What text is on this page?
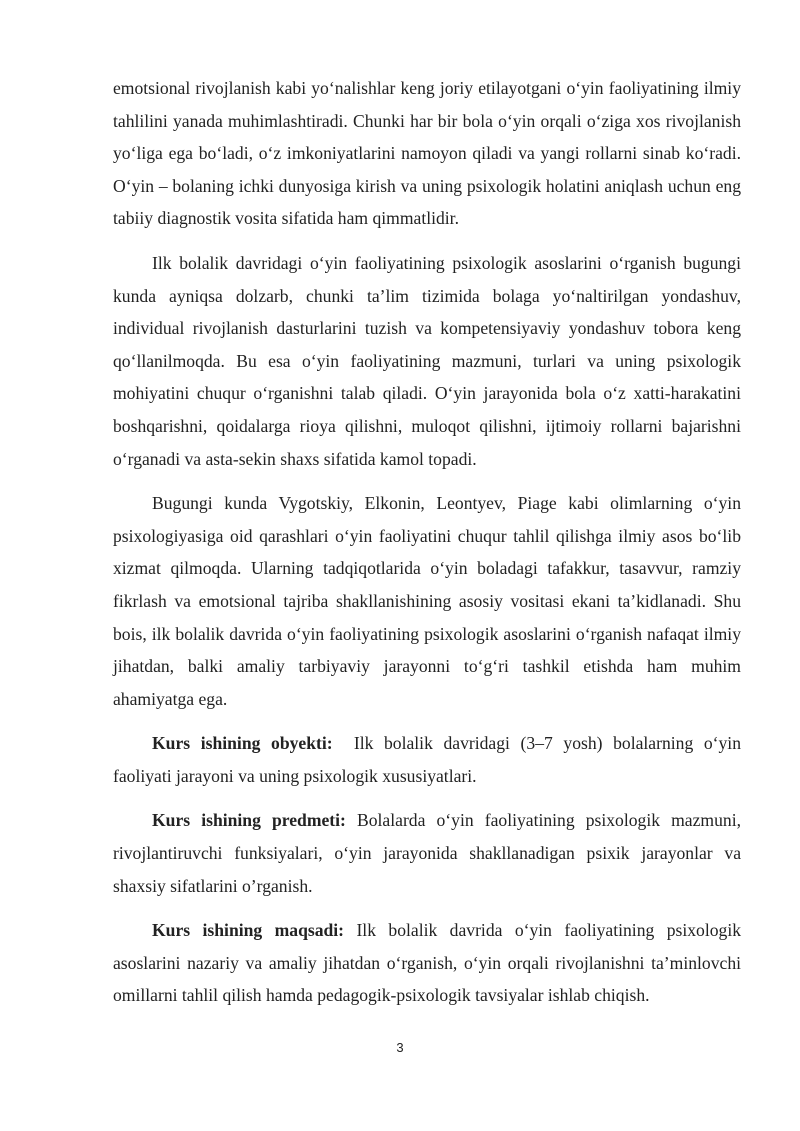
emotsional rivojlanish kabi yo‘nalishlar keng joriy etilayotgani o‘yin faoliyatining ilmiy tahlilini yanada muhimlashtiradi. Chunki har bir bola o‘yin orqali o‘ziga xos rivojlanish yo‘liga ega bo‘ladi, o‘z imkoniyatlarini namoyon qiladi va yangi rollarni sinab ko‘radi. O‘yin – bolaning ichki dunyosiga kirish va uning psixologik holatini aniqlash uchun eng tabiiy diagnostik vosita sifatida ham qimmatlidir.

Ilk bolalik davridagi o‘yin faoliyatining psixologik asoslarini o‘rganish bugungi kunda ayniqsa dolzarb, chunki ta’lim tizimida bolaga yo‘naltirilgan yondashuv, individual rivojlanish dasturlarini tuzish va kompetensiyaviy yondashuv tobora keng qo‘llanilmoqda. Bu esa o‘yin faoliyatining mazmuni, turlari va uning psixologik mohiyatini chuqur o‘rganishni talab qiladi. O‘yin jarayonida bola o‘z xatti-harakatini boshqarishni, qoidalarga rioya qilishni, muloqot qilishni, ijtimoiy rollarni bajarishni o‘rganadi va asta-sekin shaxs sifatida kamol topadi.

Bugungi kunda Vygotskiy, Elkonin, Leontyev, Piage kabi olimlarning o‘yin psixologiyasiga oid qarashlari o‘yin faoliyatini chuqur tahlil qilishga ilmiy asos bo‘lib xizmat qilmoqda. Ularning tadqiqotlarida o‘yin boladagi tafakkur, tasavvur, ramziy fikrlash va emotsional tajriba shakllanishining asosiy vositasi ekani ta’kidlanadi. Shu bois, ilk bolalik davrida o‘yin faoliyatining psixologik asoslarini o‘rganish nafaqat ilmiy jihatdan, balki amaliy tarbiyaviy jarayonni to‘g‘ri tashkil etishda ham muhim ahamiyatga ega.

Kurs ishining obyekti:  Ilk bolalik davridagi (3–7 yosh) bolalarning o‘yin faoliyati jarayoni va uning psixologik xususiyatlari.

Kurs ishining predmeti: Bolalarda o‘yin faoliyatining psixologik mazmuni, rivojlantiruvchi funksiyalari, o‘yin jarayonida shakllanadigan psixik jarayonlar va shaxsiy sifatlarini o’rganish.

Kurs ishining maqsadi: Ilk bolalik davrida o‘yin faoliyatining psixologik asoslarini nazariy va amaliy jihatdan o‘rganish, o‘yin orqali rivojlanishni ta’minlovchi omillarni tahlil qilish hamda pedagogik-psixologik tavsiyalar ishlab chiqish.

3
